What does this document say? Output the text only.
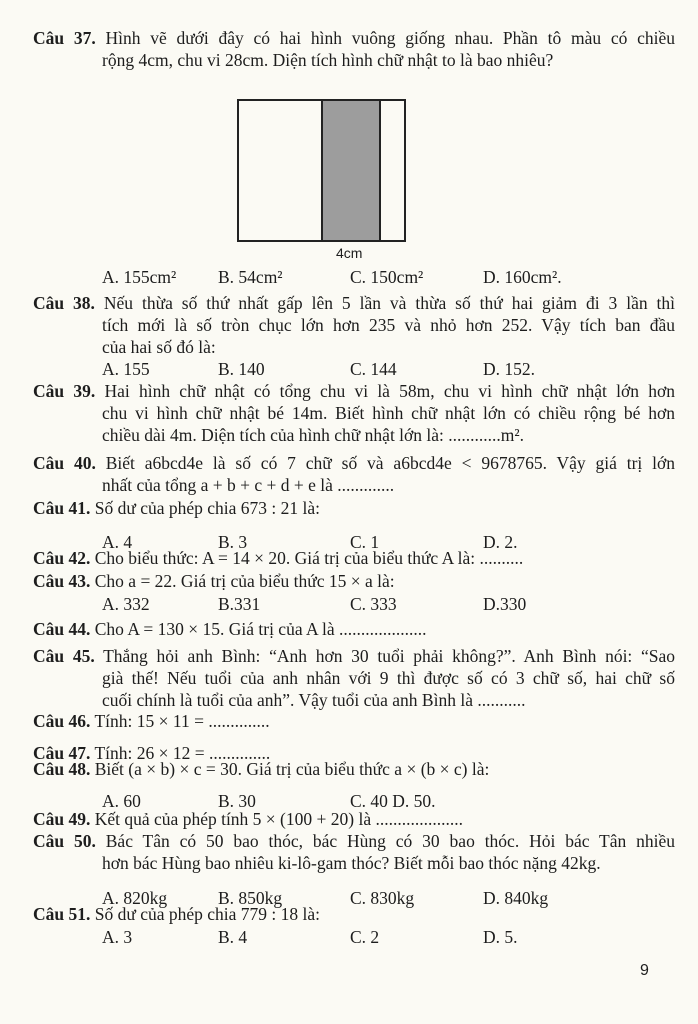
4cm
9
Câu 37. Hình vẽ dưới đây có hai hình vuông giống nhau. Phần tô màu có chiều
rộng 4cm, chu vi 28cm. Diện tích hình chữ nhật to là bao nhiêu?
A. 155cm² B. 54cm²	C. 150cm²	D. 160cm².
Câu 38. Nếu thừa số thứ nhất gấp lên 5 lần và thừa số thứ hai giảm đi 3 lần thì
tích mới là số tròn chục lớn hơn 235 và nhỏ hơn 252. Vậy tích ban đầu
của hai số đó là:
A. 155	B. 140	C. 144	D. 152.
Câu 39. Hai hình chữ nhật có tổng chu vi là 58m, chu vi hình chữ nhật lớn hơn
chu vi hình chữ nhật bé 14m. Biết hình chữ nhật lớn có chiều rộng bé hơn
chiều dài 4m. Diện tích của hình chữ nhật lớn là: ............m².
Câu 40. Biết a6bcd4e là số có 7 chữ số và a6bcd4e < 9678765. Vậy giá trị lớn
nhất của tổng a + b + c + d + e là .............
Câu 41. Số dư của phép chia 673 : 21 là:
A. 4	B. 3	C. 1	D. 2.
Câu 42. Cho biểu thức: A = 14 × 20. Giá trị của biểu thức A là: ..........
Câu 43. Cho a = 22. Giá trị của biểu thức 15 × a là:
A. 332	B.331	C. 333	D.330
Câu 44. Cho A = 130 × 15. Giá trị của A là ....................
Câu 45. Thắng hỏi anh Bình: “Anh hơn 30 tuổi phải không?”. Anh Bình nói: “Sao
già thế! Nếu tuổi của anh nhân với 9 thì được số có 3 chữ số, hai chữ số
cuối chính là tuổi của anh”. Vậy tuổi của anh Bình là ...........
Câu 46. Tính: 15 × 11 = ..............
Câu 47. Tính: 26 × 12 = ..............
Câu 48. Biết (a × b) × c = 30. Giá trị của biểu thức a × (b × c) là:
A. 60	B. 30	C. 40 D. 50.
Câu 49. Kết quả của phép tính 5 × (100 + 20) là ....................
Câu 50. Bác Tân có 50 bao thóc, bác Hùng có 30 bao thóc. Hỏi bác Tân nhiều
hơn bác Hùng bao nhiêu ki-lô-gam thóc? Biết mỗi bao thóc nặng 42kg.
A. 820kg	B. 850kg	C. 830kg	D. 840kg
Câu 51. Số dư của phép chia 779 : 18 là:
A. 3	B. 4	C. 2	D. 5.
